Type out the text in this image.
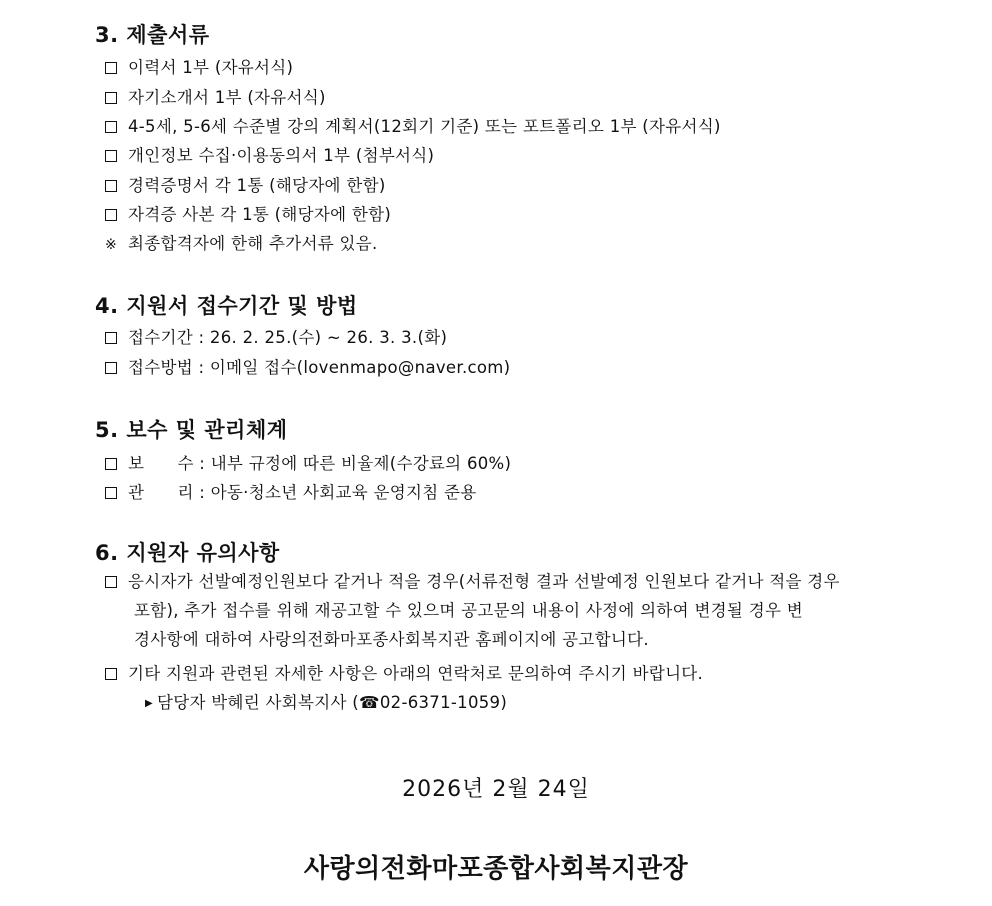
3. 제출서류
이력서 1부 (자유서식)
자기소개서 1부 (자유서식)
4-5세, 5-6세 수준별 강의 계획서(12회기 기준) 또는 포트폴리오 1부 (자유서식)
개인정보 수집·이용동의서 1부 (첨부서식)
경력증명서 각 1통 (해당자에 한함)
자격증 사본 각 1통 (해당자에 한함)
※ 최종합격자에 한해 추가서류 있음.
4. 지원서 접수기간 및 방법
접수기간 : 26. 2. 25.(수) ~ 26. 3. 3.(화)
접수방법 : 이메일 접수(lovenmapo@naver.com)
5. 보수 및 관리체계
보      수 : 내부 규정에 따른 비율제(수강료의 60%)
관      리 : 아동·청소년 사회교육 운영지침 준용
6. 지원자 유의사항
응시자가 선발예정인원보다 같거나 적을 경우(서류전형 결과 선발예정 인원보다 같거나 적을 경우
포함), 추가 접수를 위해 재공고할 수 있으며 공고문의 내용이 사정에 의하여 변경될 경우 변
경사항에 대하여 사랑의전화마포종사회복지관 홈페이지에 공고합니다.
기타 지원과 관련된 자세한 사항은 아래의 연락처로 문의하여 주시기 바랍니다.
▶ 담당자 박혜린 사회복지사 (☎02-6371-1059)
2026년 2월 24일
사랑의전화마포종합사회복지관장
